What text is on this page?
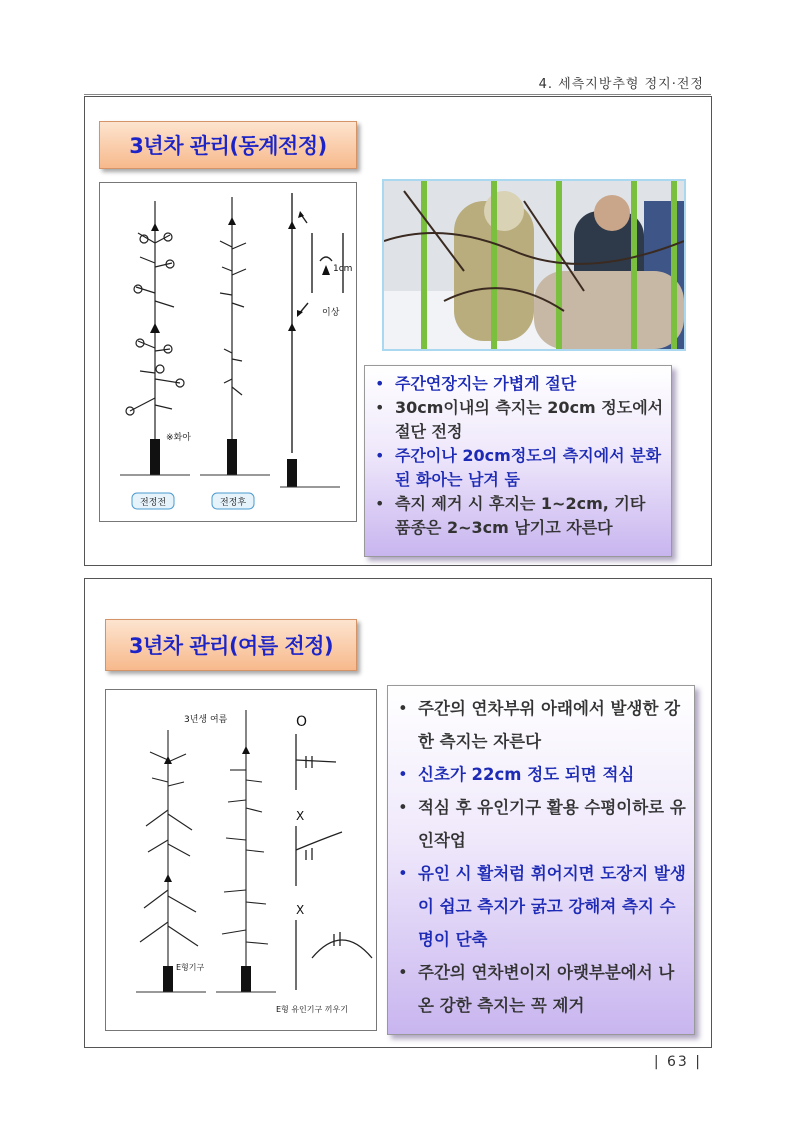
4. 세측지방추형 정지·전정
3년차 관리(동계전정)
※화아
1cm
이상
전정전	전정후
• 주간연장지는 가볍게 절단
• 30cm이내의 측지는 20cm 정도에서 절단 전정
• 주간이나 20cm정도의 측지에서 분화된 화아는 남겨 둠
• 측지 제거 시 후지는 1~2cm, 기타 품종은 2~3cm 남기고 자른다
3년차 관리(여름 전정)
3년생 여름
E형기구
O
X
X
E형 유인기구 끼우기
• 주간의 연차부위 아래에서 발생한 강한 측지는 자른다
• 신초가 22cm 정도 되면 적심
• 적심 후 유인기구 활용 수평이하로 유인작업
• 유인 시 활처럼 휘어지면 도장지 발생이 쉽고 측지가 굵고 강해져 측지 수명이 단축
• 주간의 연차변이지 아랫부분에서 나온 강한 측지는 꼭 제거
| 63 |
